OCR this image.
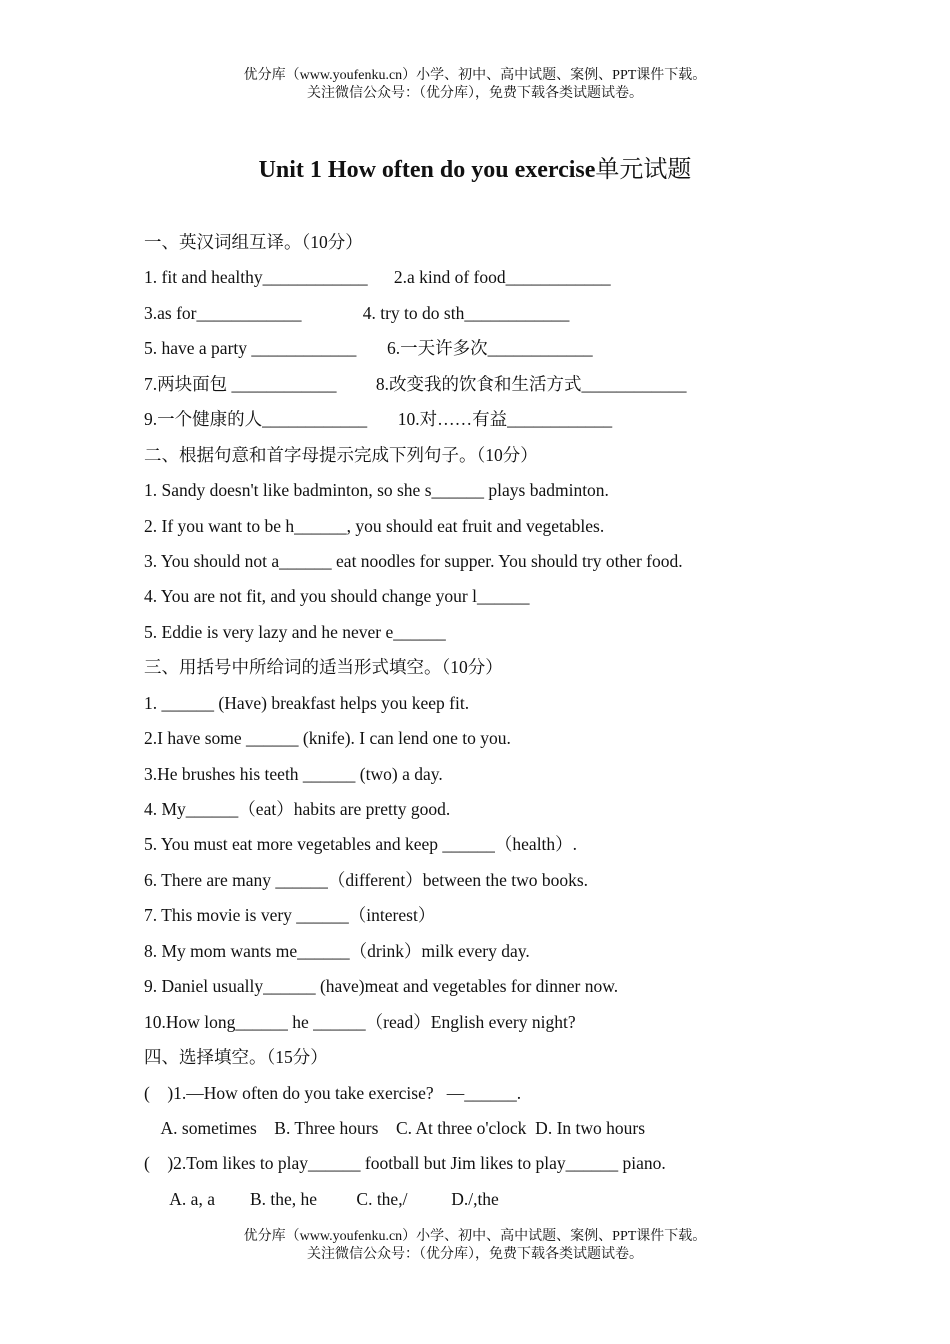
优分库（www.youfenku.cn）小学、初中、高中试题、案例、PPT课件下载。
关注微信公众号：（优分库），免费下载各类试题试卷。
Unit 1 How often do you exercise单元试题
一、英汉词组互译。（10分）
1. fit and healthy____________      2.a kind of food____________
3.as for____________              4. try to do sth____________
5. have a party ____________       6.一天许多次____________
7.两块面包 ____________         8.改变我的饮食和生活方式____________
9.一个健康的人____________       10.对……有益____________
二、根据句意和首字母提示完成下列句子。（10分）
1. Sandy doesn't like badminton, so she s______ plays badminton.
2. If you want to be h______, you should eat fruit and vegetables.
3. You should not a______ eat noodles for supper. You should try other food.
4. You are not fit, and you should change your l______
5. Eddie is very lazy and he never e______
三、用括号中所给词的适当形式填空。（10分）
1. ______ (Have) breakfast helps you keep fit.
2.I have some ______ (knife). I can lend one to you.
3.He brushes his teeth ______ (two) a day.
4. My______（eat）habits are pretty good.
5. You must eat more vegetables and keep ______（health）.
6. There are many ______（different）between the two books.
7. This movie is very ______（interest）
8. My mom wants me______（drink）milk every day.
9. Daniel usually______ (have)meat and vegetables for dinner now.
10.How long______ he ______（read）English every night?
四、选择填空。（15分）
(    )1.—How often do you take exercise?   —______.
A. sometimes    B. Three hours    C. At three o'clock  D. In two hours
(    )2.Tom likes to play______ football but Jim likes to play______ piano.
A. a, a        B. the, he         C. the,/          D./,the
优分库（www.youfenku.cn）小学、初中、高中试题、案例、PPT课件下载。
关注微信公众号：（优分库），免费下载各类试题试卷。
